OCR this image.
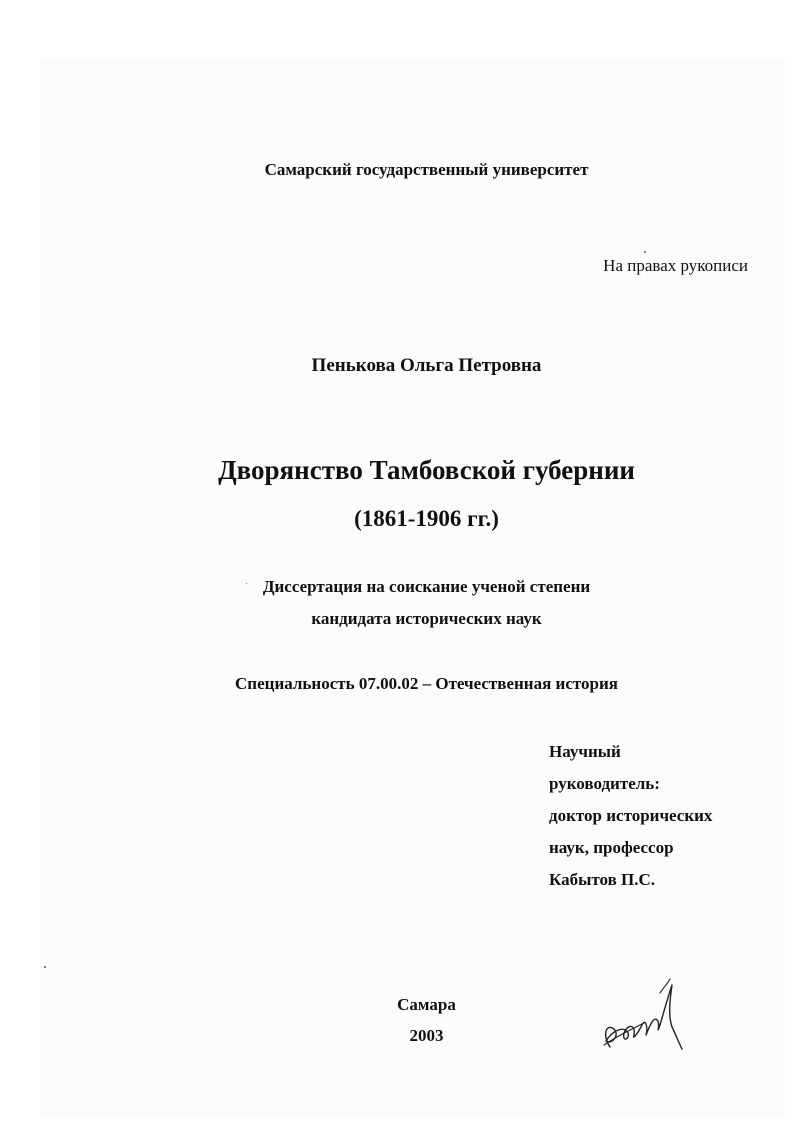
Самарский государственный университет
На правах рукописи
Пенькова Ольга Петровна
Дворянство Тамбовской губернии
(1861-1906 гг.)
Диссертация на соискание ученой степени
кандидата исторических наук
Специальность 07.00.02 – Отечественная история
Научный
руководитель:
доктор исторических
наук, профессор
Кабытов П.С.
Самара
2003
